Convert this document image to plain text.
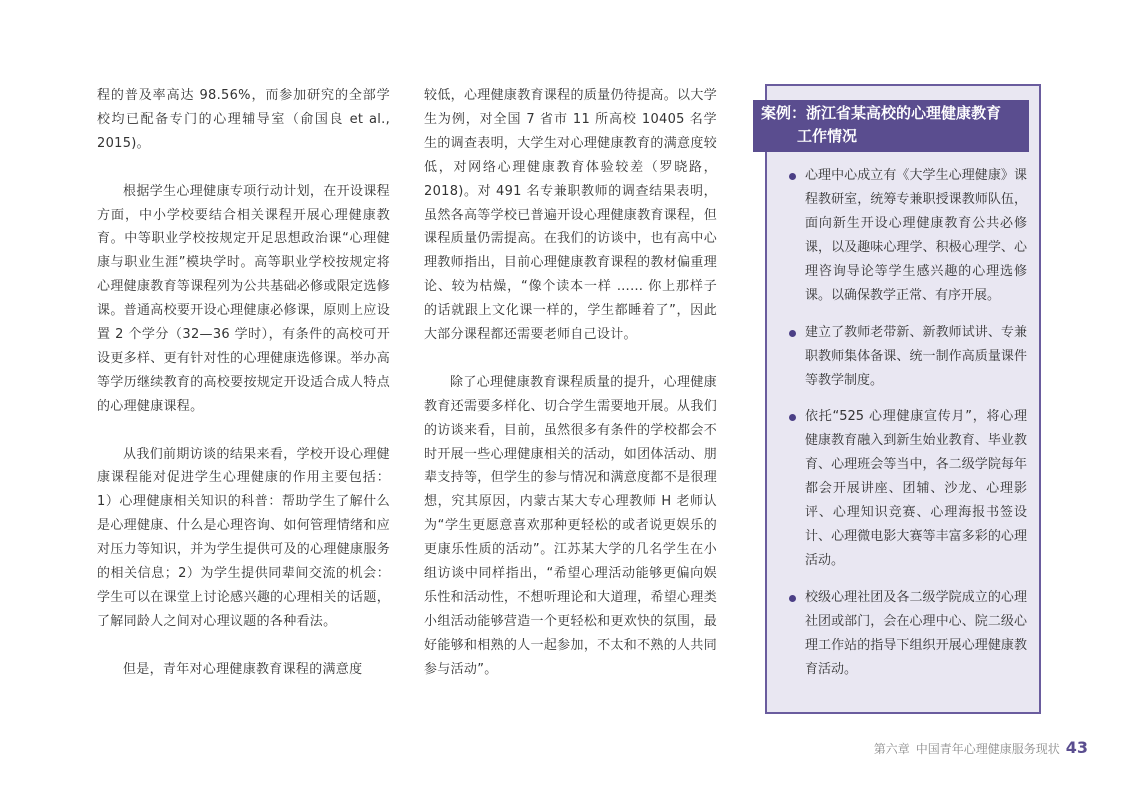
程的普及率高达 98.56%，而参加研究的全部学校均已配备专门的心理辅导室（俞国良 et al., 2015)。

根据学生心理健康专项行动计划，在开设课程方面，中小学校要结合相关课程开展心理健康教育。中等职业学校按规定开足思想政治课“心理健康与职业生涯”模块学时。高等职业学校按规定将心理健康教育等课程列为公共基础必修或限定选修课。普通高校要开设心理健康必修课，原则上应设置 2 个学分（32—36 学时），有条件的高校可开设更多样、更有针对性的心理健康选修课。举办高等学历继续教育的高校要按规定开设适合成人特点的心理健康课程。

从我们前期访谈的结果来看，学校开设心理健康课程能对促进学生心理健康的作用主要包括：1）心理健康相关知识的科普：帮助学生了解什么是心理健康、什么是心理咨询、如何管理情绪和应对压力等知识，并为学生提供可及的心理健康服务的相关信息；2）为学生提供同辈间交流的机会：学生可以在课堂上讨论感兴趣的心理相关的话题，了解同龄人之间对心理议题的各种看法。

但是，青年对心理健康教育课程的满意度

较低，心理健康教育课程的质量仍待提高。以大学生为例，对全国 7 省市 11 所高校 10405 名学生的调查表明，大学生对心理健康教育的满意度较低，对网络心理健康教育体验较差（罗晓路，2018)。对 491 名专兼职教师的调查结果表明，虽然各高等学校已普遍开设心理健康教育课程，但课程质量仍需提高。在我们的访谈中，也有高中心理教师指出，目前心理健康教育课程的教材偏重理论、较为枯燥，“像个读本一样 …… 你上那样子的话就跟上文化课一样的，学生都睡着了”，因此大部分课程都还需要老师自己设计。

除了心理健康教育课程质量的提升，心理健康教育还需要多样化、切合学生需要地开展。从我们的访谈来看，目前，虽然很多有条件的学校都会不时开展一些心理健康相关的活动，如团体活动、朋辈支持等，但学生的参与情况和满意度都不是很理想，究其原因，内蒙古某大专心理教师 H 老师认为“学生更愿意喜欢那种更轻松的或者说更娱乐的更康乐性质的活动”。江苏某大学的几名学生在小组访谈中同样指出，“希望心理活动能够更偏向娱乐性和活动性，不想听理论和大道理，希望心理类小组活动能够营造一个更轻松和更欢快的氛围，最好能够和相熟的人一起参加，不太和不熟的人共同参与活动”。

案例：浙江省某高校的心理健康教育
工作情况
心理中心成立有《大学生心理健康》课程教研室，统筹专兼职授课教师队伍，面向新生开设心理健康教育公共必修课，以及趣味心理学、积极心理学、心理咨询导论等学生感兴趣的心理选修课。以确保教学正常、有序开展。
建立了教师老带新、新教师试讲、专兼职教师集体备课、统一制作高质量课件等教学制度。
依托“525 心理健康宣传月”，将心理健康教育融入到新生始业教育、毕业教育、心理班会等当中，各二级学院每年都会开展讲座、团辅、沙龙、心理影评、心理知识竞赛、心理海报书签设计、心理微电影大赛等丰富多彩的心理活动。
校级心理社团及各二级学院成立的心理社团或部门，会在心理中心、院二级心理工作站的指导下组织开展心理健康教育活动。
第六章 中国青年心理健康服务现状 43
